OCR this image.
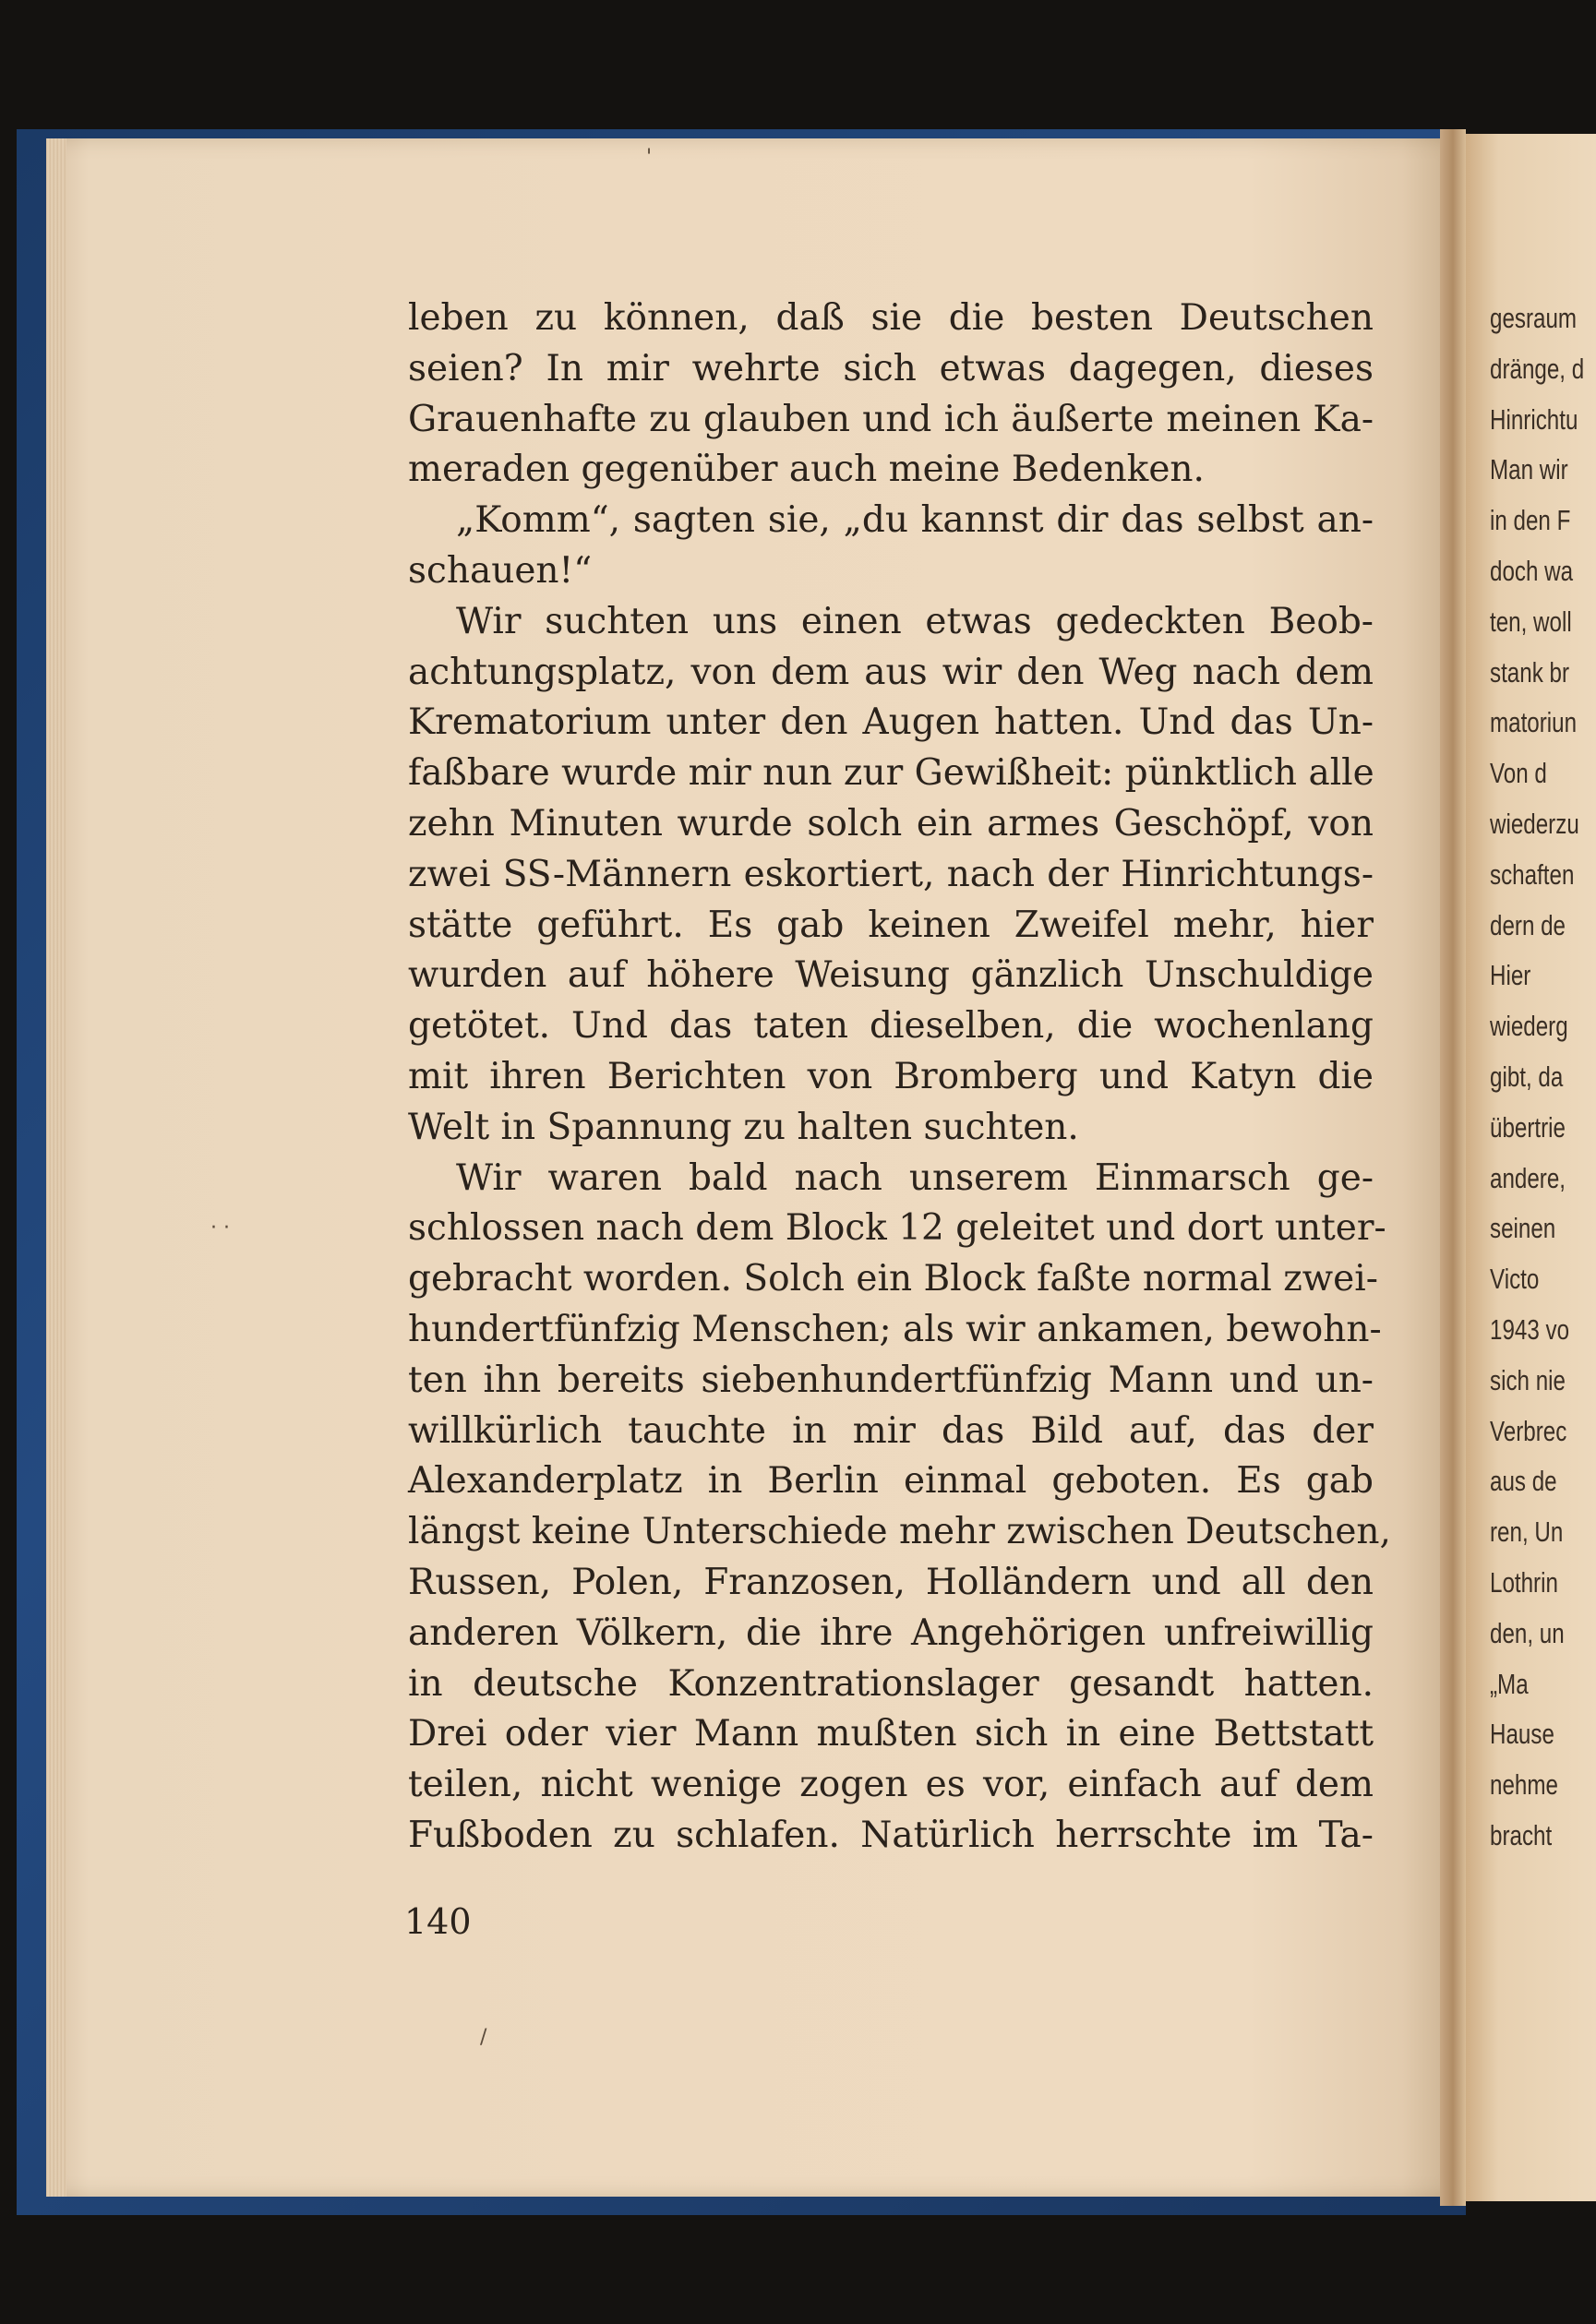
leben zu können, daß sie die besten Deutschen
seien? In mir wehrte sich etwas dagegen, dieses
Grauenhafte zu glauben und ich äußerte meinen Ka-
meraden gegenüber auch meine Bedenken.
„Komm“, sagten sie, „du kannst dir das selbst an-
schauen!“
Wir suchten uns einen etwas gedeckten Beob-
achtungsplatz, von dem aus wir den Weg nach dem
Krematorium unter den Augen hatten. Und das Un-
faßbare wurde mir nun zur Gewißheit: pünktlich alle
zehn Minuten wurde solch ein armes Geschöpf, von
zwei SS-Männern eskortiert, nach der Hinrichtungs-
stätte geführt. Es gab keinen Zweifel mehr, hier
wurden auf höhere Weisung gänzlich Unschuldige
getötet. Und das taten dieselben, die wochenlang
mit ihren Berichten von Bromberg und Katyn die
Welt in Spannung zu halten suchten.
Wir waren bald nach unserem Einmarsch ge-
schlossen nach dem Block 12 geleitet und dort unter-
gebracht worden. Solch ein Block faßte normal zwei-
hundertfünfzig Menschen; als wir ankamen, bewohn-
ten ihn bereits siebenhundertfünfzig Mann und un-
willkürlich tauchte in mir das Bild auf, das der
Alexanderplatz in Berlin einmal geboten. Es gab
längst keine Unterschiede mehr zwischen Deutschen,
Russen, Polen, Franzosen, Holländern und all den
anderen Völkern, die ihre Angehörigen unfreiwillig
in deutsche Konzentrationslager gesandt hatten.
Drei oder vier Mann mußten sich in eine Bettstatt
teilen, nicht wenige zogen es vor, einfach auf dem
Fußboden zu schlafen. Natürlich herrschte im Ta-
140
gesraum
dränge, d
Hinrichtu
Man wir
in den F
doch wa
ten, woll
stank br
matoriun
Von d
wiederzu
schaften
dern de
Hier
wiederg
gibt, da
übertrie
andere,
seinen
Victo
1943 vo
sich nie
Verbrec
aus de
ren, Un
Lothrin
den, un
„Ma
Hause
nehme
bracht
'
· ·
/
